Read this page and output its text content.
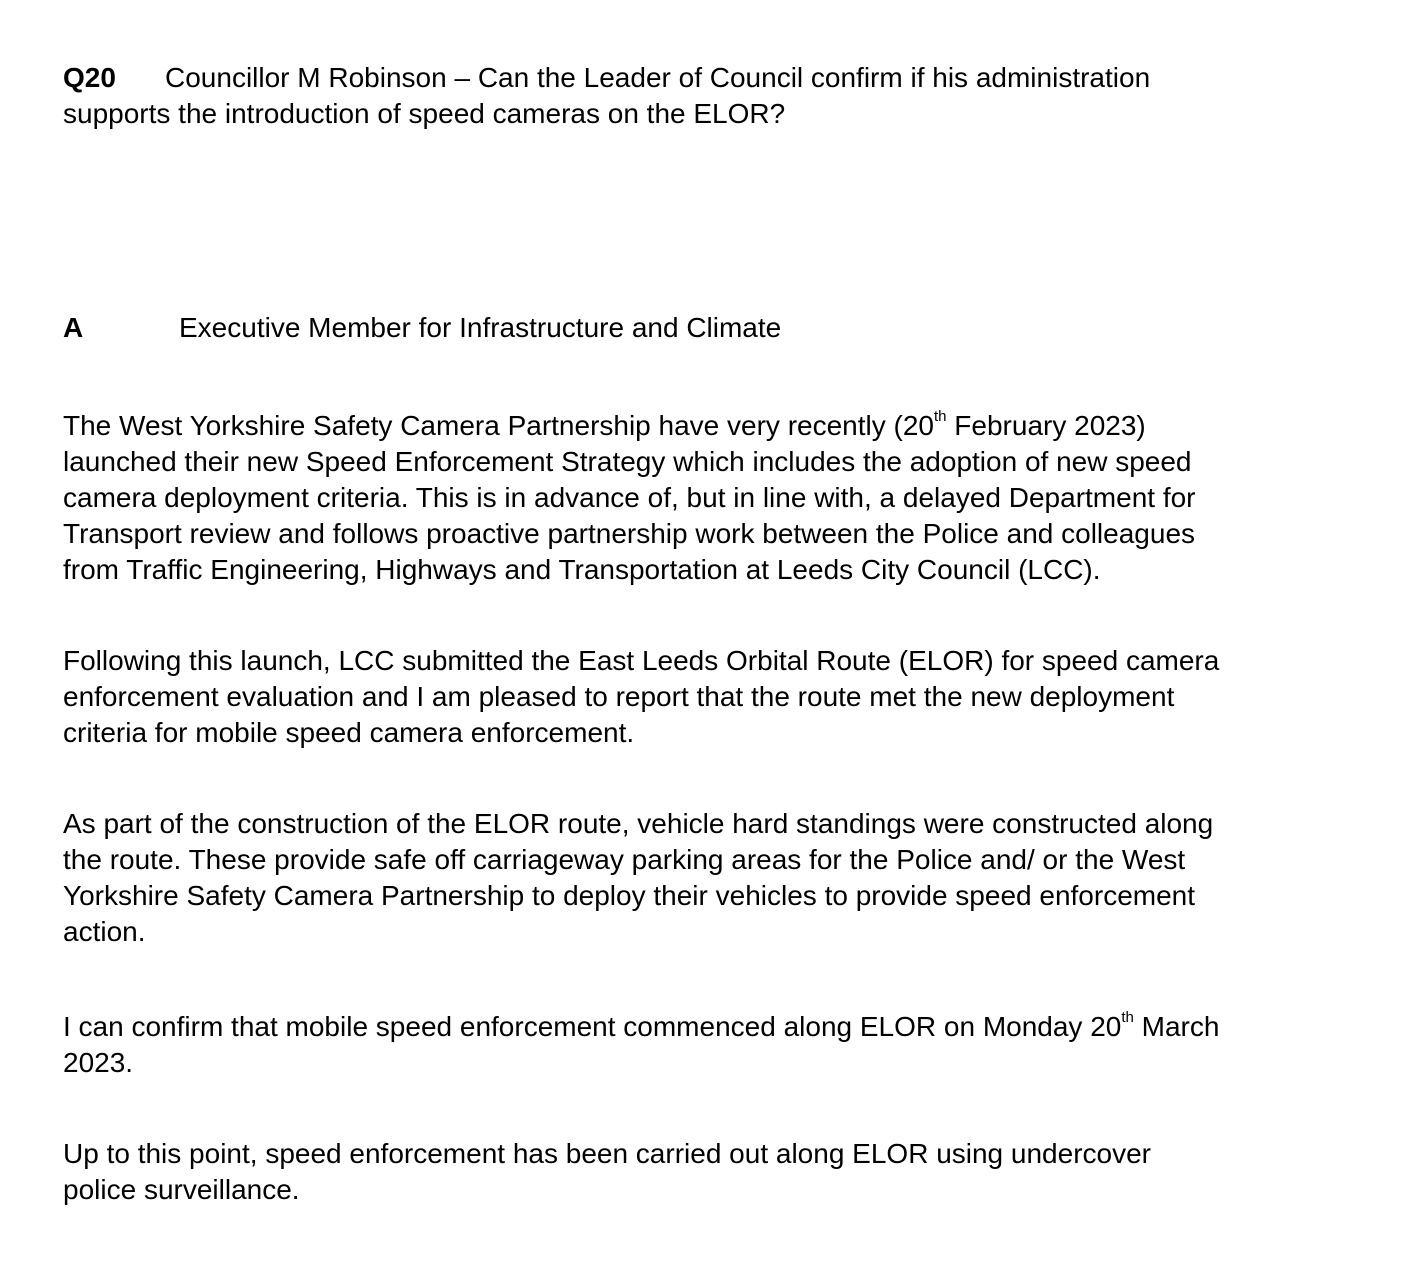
Q20 Councillor M Robinson – Can the Leader of Council confirm if his administration
supports the introduction of speed cameras on the ELOR?
A	Executive Member for Infrastructure and Climate
The West Yorkshire Safety Camera Partnership have very recently (20th February 2023)
launched their new Speed Enforcement Strategy which includes the adoption of new speed
camera deployment criteria. This is in advance of, but in line with, a delayed Department for
Transport review and follows proactive partnership work between the Police and colleagues
from Traffic Engineering, Highways and Transportation at Leeds City Council (LCC).
Following this launch, LCC submitted the East Leeds Orbital Route (ELOR) for speed camera
enforcement evaluation and I am pleased to report that the route met the new deployment
criteria for mobile speed camera enforcement.
As part of the construction of the ELOR route, vehicle hard standings were constructed along
the route. These provide safe off carriageway parking areas for the Police and/ or the West
Yorkshire Safety Camera Partnership to deploy their vehicles to provide speed enforcement
action.
I can confirm that mobile speed enforcement commenced along ELOR on Monday 20th March
2023.
Up to this point, speed enforcement has been carried out along ELOR using undercover
police surveillance.
